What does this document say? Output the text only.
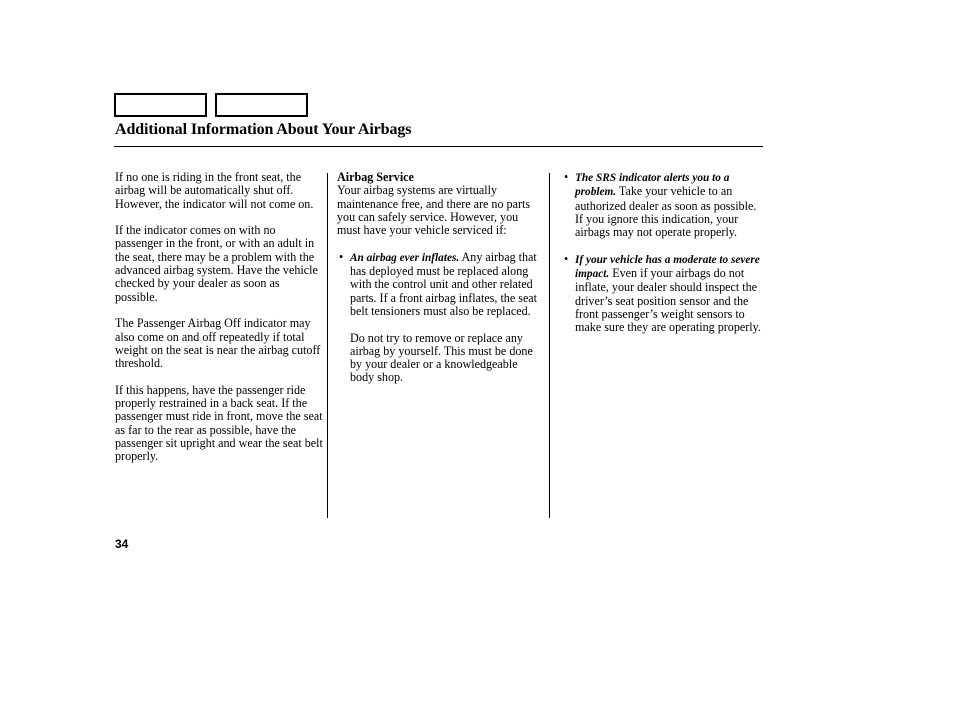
Additional Information About Your Airbags

If no one is riding in the front seat, the airbag will be automatically shut off. However, the indicator will not come on.

If the indicator comes on with no passenger in the front, or with an adult in the seat, there may be a problem with the advanced airbag system. Have the vehicle checked by your dealer as soon as possible.

The Passenger Airbag Off indicator may also come on and off repeatedly if total weight on the seat is near the airbag cutoff threshold.

If this happens, have the passenger ride properly restrained in a back seat. If the passenger must ride in front, move the seat as far to the rear as possible, have the passenger sit upright and wear the seat belt properly.

Airbag Service

Your airbag systems are virtually maintenance free, and there are no parts you can safely service. However, you must have your vehicle serviced if:

• An airbag ever inflates. Any airbag that has deployed must be replaced along with the control unit and other related parts. If a front airbag inflates, the seat belt tensioners must also be replaced.

Do not try to remove or replace any airbag by yourself. This must be done by your dealer or a knowledgeable body shop.

• The SRS indicator alerts you to a problem. Take your vehicle to an authorized dealer as soon as possible. If you ignore this indication, your airbags may not operate properly.
• If your vehicle has a moderate to severe impact. Even if your airbags do not inflate, your dealer should inspect the driver’s seat position sensor and the front passenger’s weight sensors to make sure they are operating properly.
34
